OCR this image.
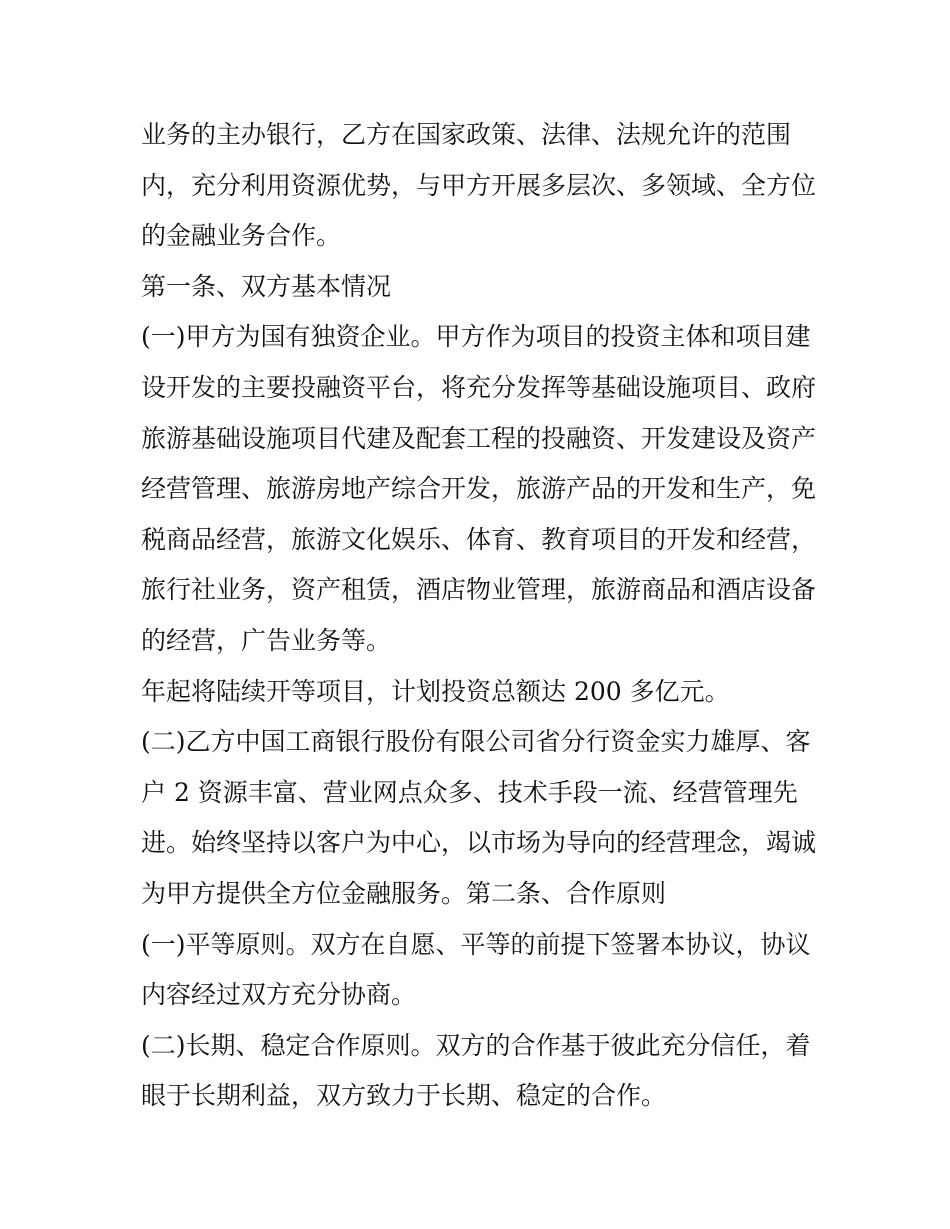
业务的主办银行，乙方在国家政策、法律、法规允许的范围
内，充分利用资源优势，与甲方开展多层次、多领域、全方位
的金融业务合作。
第一条、双方基本情况
(一)甲方为国有独资企业。甲方作为项目的投资主体和项目建
设开发的主要投融资平台，将充分发挥等基础设施项目、政府
旅游基础设施项目代建及配套工程的投融资、开发建设及资产
经营管理、旅游房地产综合开发，旅游产品的开发和生产，免
税商品经营，旅游文化娱乐、体育、教育项目的开发和经营，
旅行社业务，资产租赁，酒店物业管理，旅游商品和酒店设备
的经营，广告业务等。
年起将陆续开等项目，计划投资总额达 200 多亿元。
(二)乙方中国工商银行股份有限公司省分行资金实力雄厚、客
户 2 资源丰富、营业网点众多、技术手段一流、经营管理先
进。始终坚持以客户为中心，以市场为导向的经营理念，竭诚
为甲方提供全方位金融服务。第二条、合作原则
(一)平等原则。双方在自愿、平等的前提下签署本协议，协议
内容经过双方充分协商。
(二)长期、稳定合作原则。双方的合作基于彼此充分信任，着
眼于长期利益，双方致力于长期、稳定的合作。
